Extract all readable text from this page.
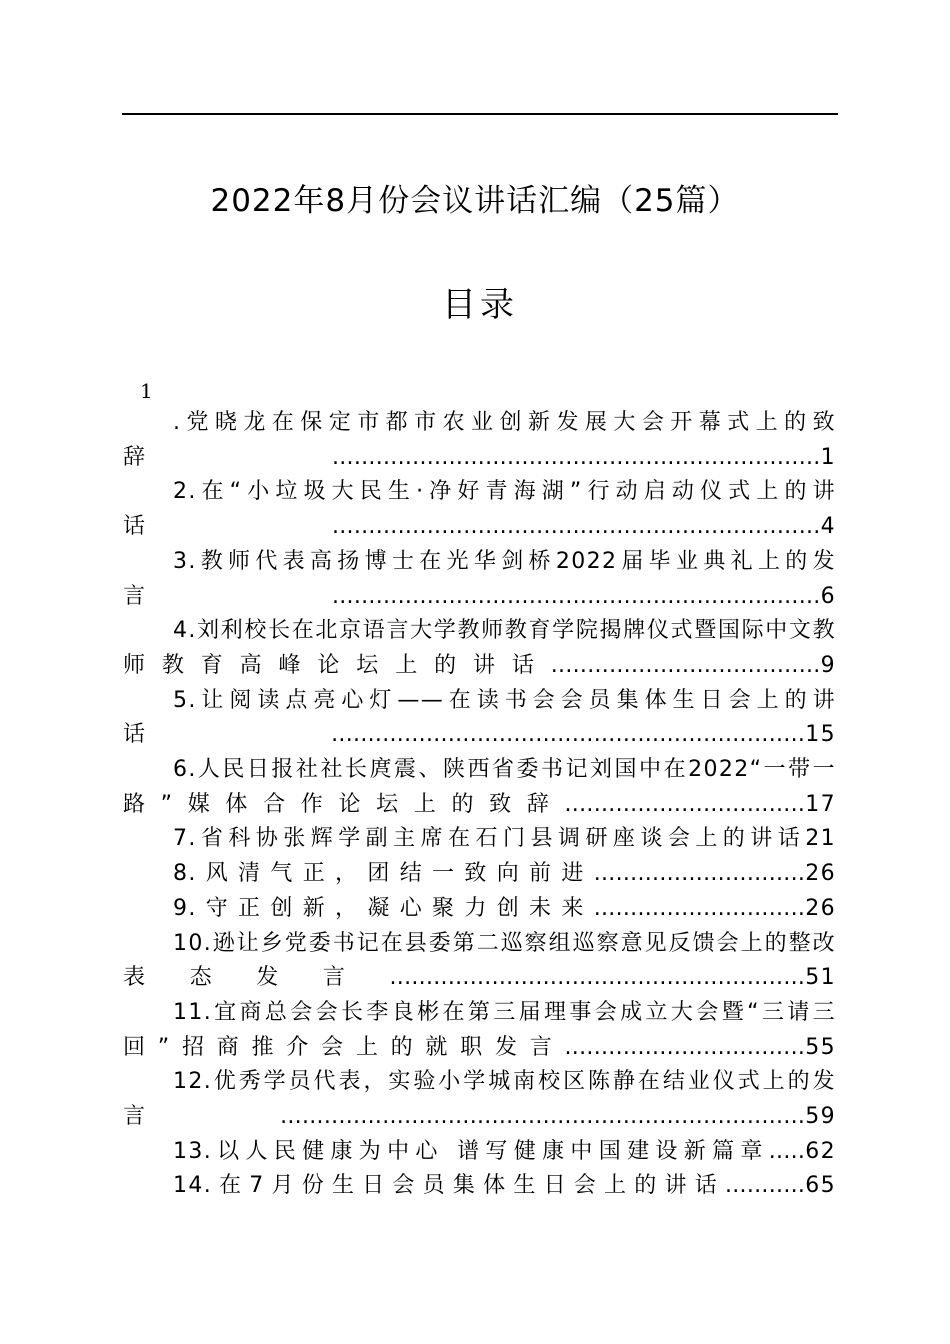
2022年8月份会议讲话汇编（25篇）
目录
1
.党晓龙在保定市都市农业创新发展大会开幕式上的致辞...................................................................1
2.在“小垃圾大民生·净好青海湖”行动启动仪式上的讲话...................................................................4
3.教师代表高扬博士在光华剑桥2022届毕业典礼上的发言...................................................................6
4.刘利校长在北京语言大学教师教育学院揭牌仪式暨国际中文教师教育高峰论坛上的讲话.....................................9
5.让阅读点亮心灯——在读书会会员集体生日会上的讲话.................................................................15
6.人民日报社社长庹震、陕西省委书记刘国中在2022“一带一路”媒体合作论坛上的致辞.................................17
7.省科协张辉学副主席在石门县调研座谈会上的讲话21
8.风清气正，团结一致向前进.............................26
9.守正创新，凝心聚力创未来.............................26
10.逊让乡党委书记在县委第二巡察组巡察意见反馈会上的整改表态发言.........................................................51
11.宜商总会会长李良彬在第三届理事会成立大会暨“三请三回”招商推介会上的就职发言.................................55
12.优秀学员代表，实验小学城南校区陈静在结业仪式上的发言........................................................................59
13.以人民健康为中心 谱写健康中国建设新篇章.....62
14.在7月份生日会员集体生日会上的讲话...........65
